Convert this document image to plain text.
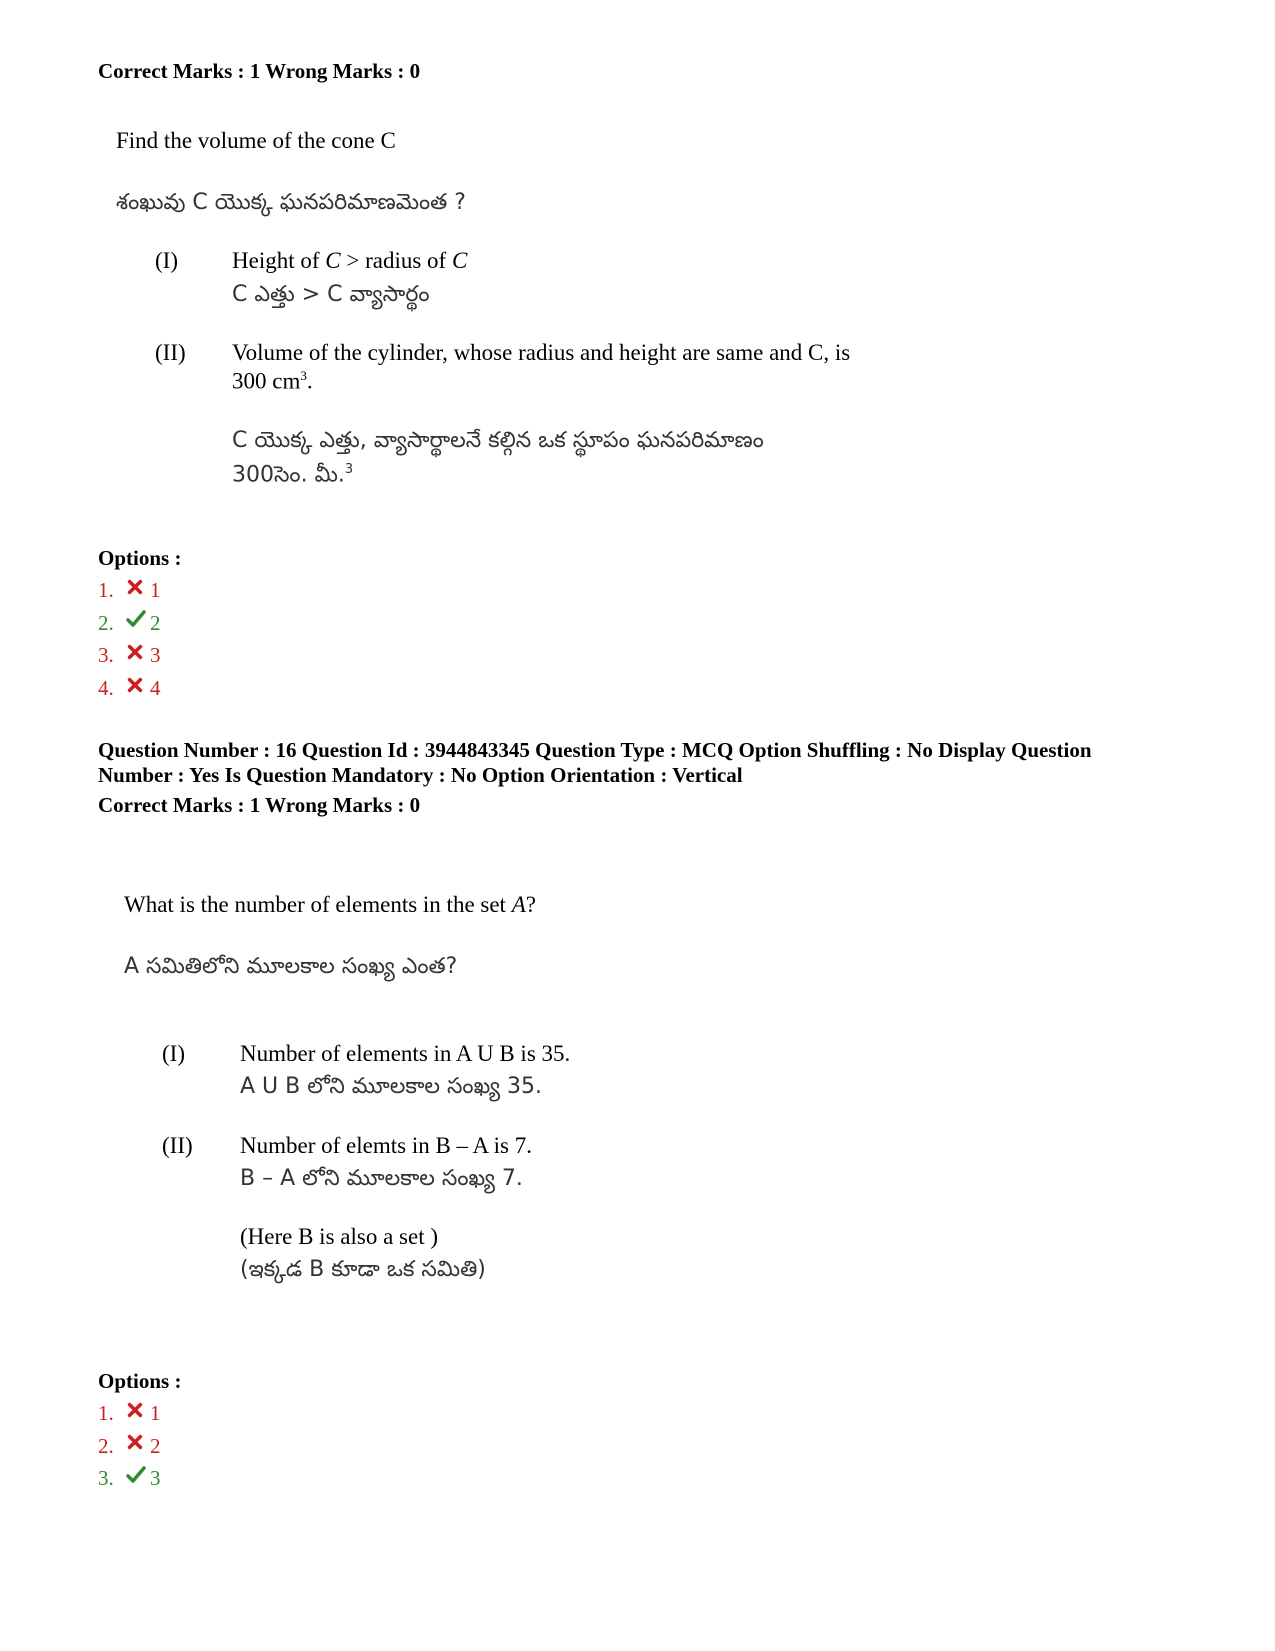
Correct Marks : 1 Wrong Marks : 0
Find the volume of the cone C
శంఖువు C యొక్క ఘనపరిమాణమెంత ?
(I) Height of C > radius of C
C ఎత్తు > C వ్యాసార్థం
(II) Volume of the cylinder, whose radius and height are same and C, is
300 $cm^3$.
C యొక్క ఎత్తు, వ్యాసార్థాలనే కల్గిన ఒక స్థూపం ఘనపరిమాణం
300సెం. మీ.$^3$
Options :
1.	1
2.	2
3.	3
4.	4
Question Number : 16 Question Id : 3944843345 Question Type : MCQ Option Shuffling : No Display Question
Number : Yes Is Question Mandatory : No Option Orientation : Vertical
Correct Marks : 1 Wrong Marks : 0
What is the number of elements in the set A?
A సమితిలోని మూలకాల సంఖ్య ఎంత?
(I) Number of elements in A U B is 35.
A U B లోని మూలకాల సంఖ్య 35.
(II) Number of elemts in B – A is 7.
B – A లోని మూలకాల సంఖ్య 7.
(Here B is also a set )
(ఇక్కడ B కూడా ఒక సమితి)
Options :
1.	1
2.	2
3.	3
